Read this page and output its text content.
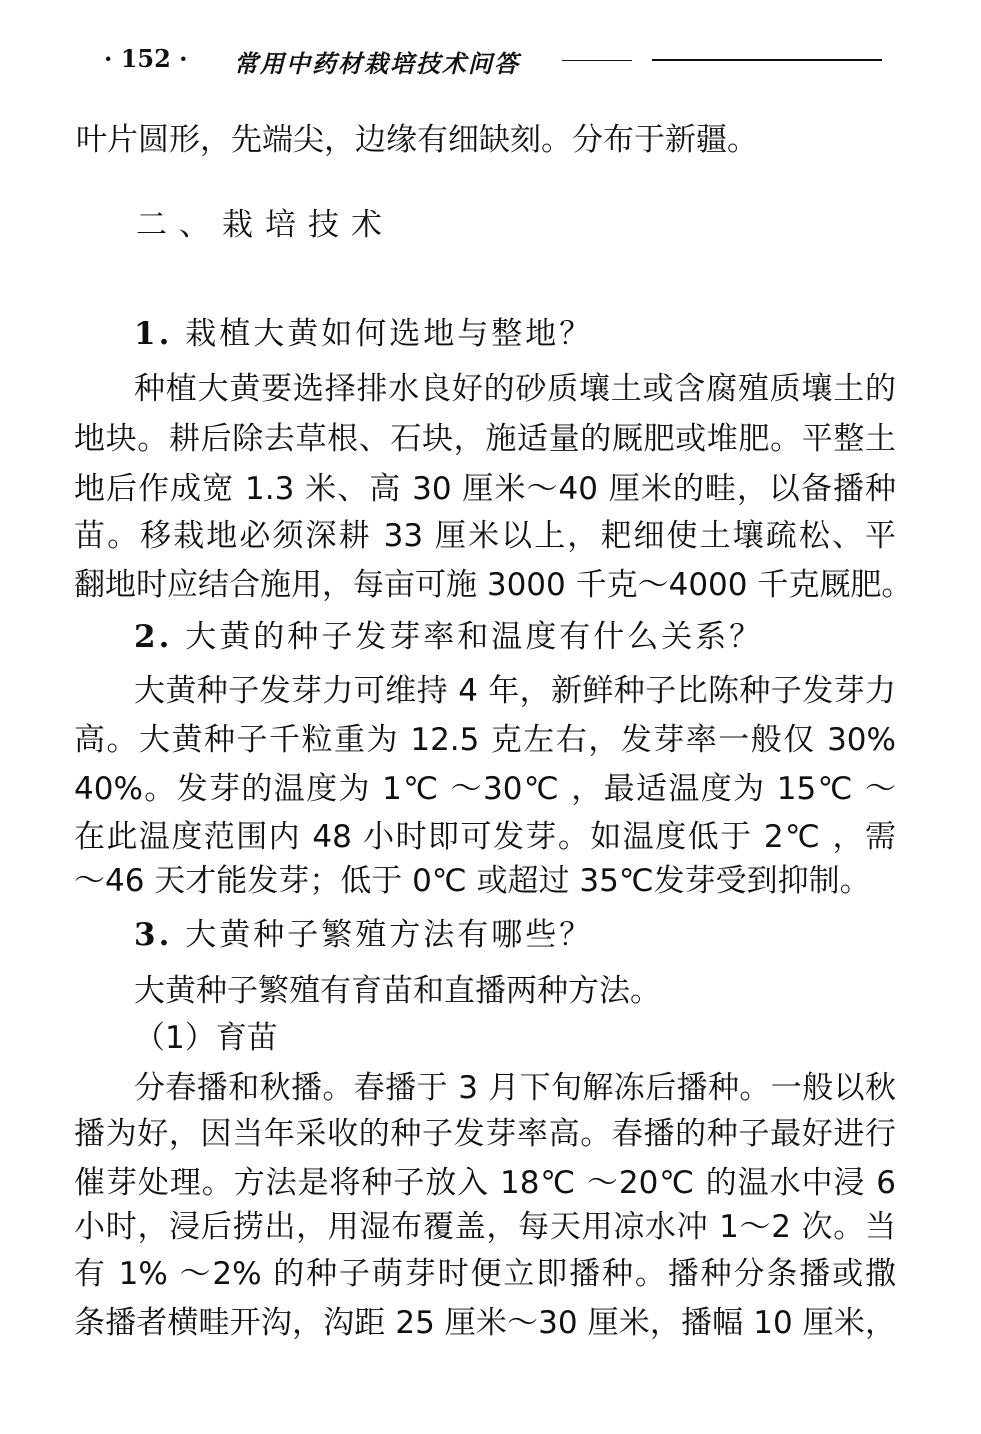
· 152 · 常用中药材栽培技术问答
叶片圆形，先端尖，边缘有细缺刻。分布于新疆。
二、栽培技术
1. 栽植大黄如何选地与整地？
种植大黄要选择排水良好的砂质壤土或含腐殖质壤土的
地块。耕后除去草根、石块，施适量的厩肥或堆肥。平整土
地后作成宽 1.3 米、高 30 厘米～40 厘米的畦，以备播种
苗。移栽地必须深耕 33 厘米以上，耙细使土壤疏松、平
翻地时应结合施用，每亩可施 3000 千克～4000 千克厩肥。
2. 大黄的种子发芽率和温度有什么关系？
大黄种子发芽力可维持 4 年，新鲜种子比陈种子发芽力
高。大黄种子千粒重为 12.5 克左右，发芽率一般仅 30%
40%。发芽的温度为 1℃ ～30℃ ，最适温度为 15℃ ～
在此温度范围内 48 小时即可发芽。如温度低于 2℃ ，需
～46 天才能发芽；低于 0℃ 或超过 35℃发芽受到抑制。
3. 大黄种子繁殖方法有哪些？
大黄种子繁殖有育苗和直播两种方法。
（1）育苗
分春播和秋播。春播于 3 月下旬解冻后播种。一般以秋
播为好，因当年采收的种子发芽率高。春播的种子最好进行
催芽处理。方法是将种子放入 18℃ ～20℃ 的温水中浸 6
小时，浸后捞出，用湿布覆盖，每天用凉水冲 1～2 次。当
有 1% ～2% 的种子萌芽时便立即播种。播种分条播或撒
条播者横畦开沟，沟距 25 厘米～30 厘米，播幅 10 厘米，
